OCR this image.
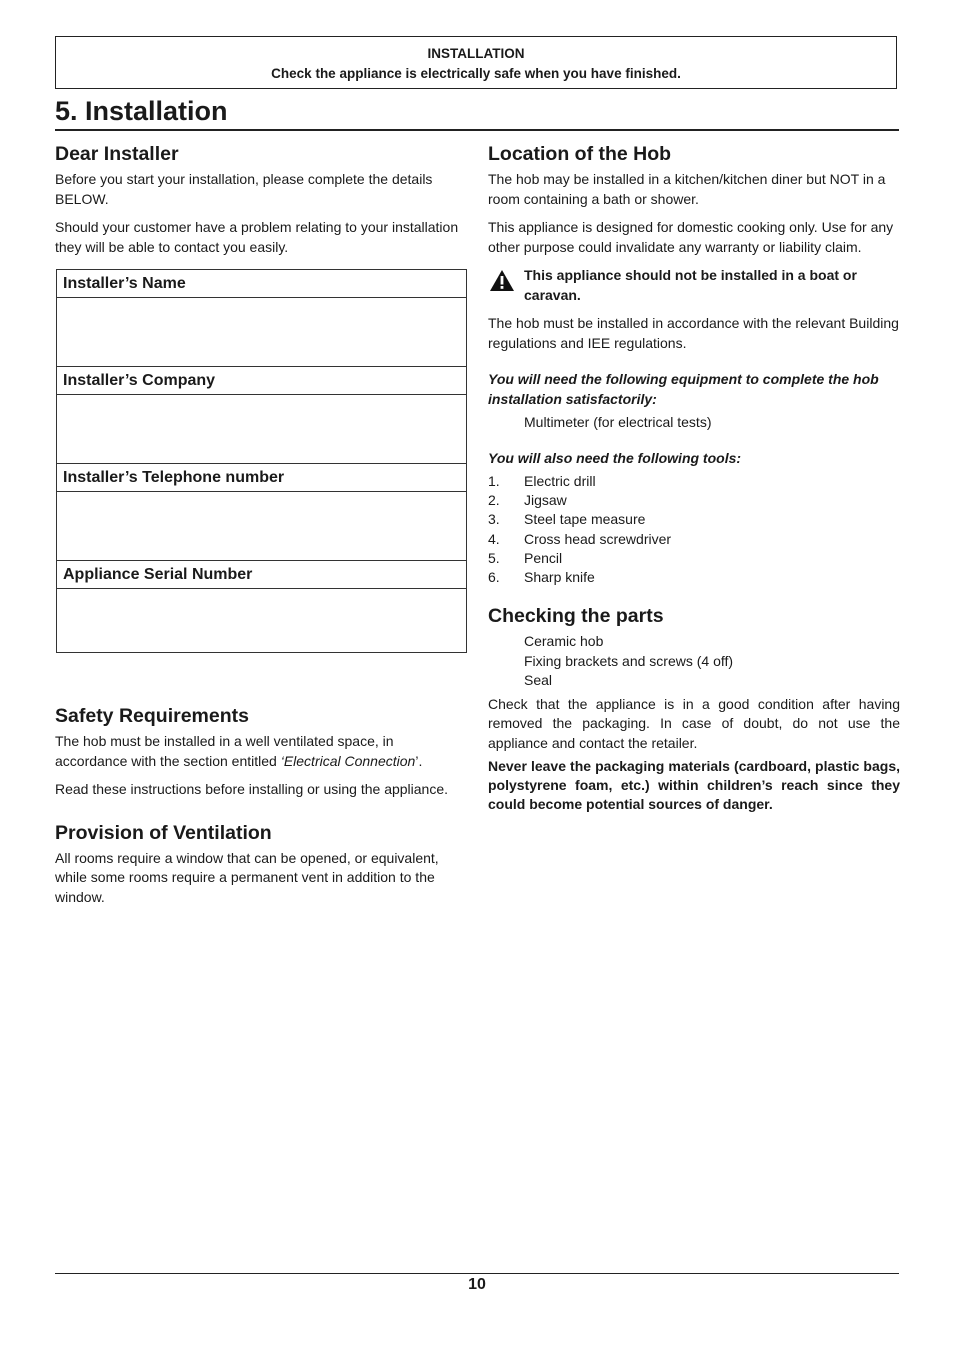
INSTALLATION
Check the appliance is electrically safe when you have finished.
5. Installation
Dear Installer

Before you start your installation, please complete the details BELOW.

Should your customer have a problem relating to your installation they will be able to contact you easily.

Installer’s Name
Installer’s Company
Installer’s Telephone number
Appliance Serial Number
Safety Requirements

The hob must be installed in a well ventilated space, in accordance with the section entitled ‘Electrical Connection’.

Read these instructions before installing or using the appliance.

Provision of Ventilation

All rooms require a window that can be opened, or equivalent, while some rooms require a permanent vent in addition to the window.

Location of the Hob

The hob may be installed in a kitchen/kitchen diner but NOT in a room containing a bath or shower.

This appliance is designed for domestic cooking only. Use for any other purpose could invalidate any warranty or liability claim.

This appliance should not be installed in a boat or caravan.

The hob must be installed in accordance with the relevant Building regulations and IEE regulations.

You will need the following equipment to complete the hob installation satisfactorily:
Multimeter (for electrical tests)
You will also need the following tools:
1.	Electric drill
2.	Jigsaw
3.	Steel tape measure
4.	Cross head screwdriver
5.	Pencil
6.	Sharp knife
Checking the parts
Ceramic hob
Fixing brackets and screws (4 off)
Seal

Check that the appliance is in a good condition after having removed the packaging. In case of doubt, do not use the appliance and contact the retailer.

Never leave the packaging materials (cardboard, plastic bags, polystyrene foam, etc.) within children’s reach since they could become potential sources of danger.
10
